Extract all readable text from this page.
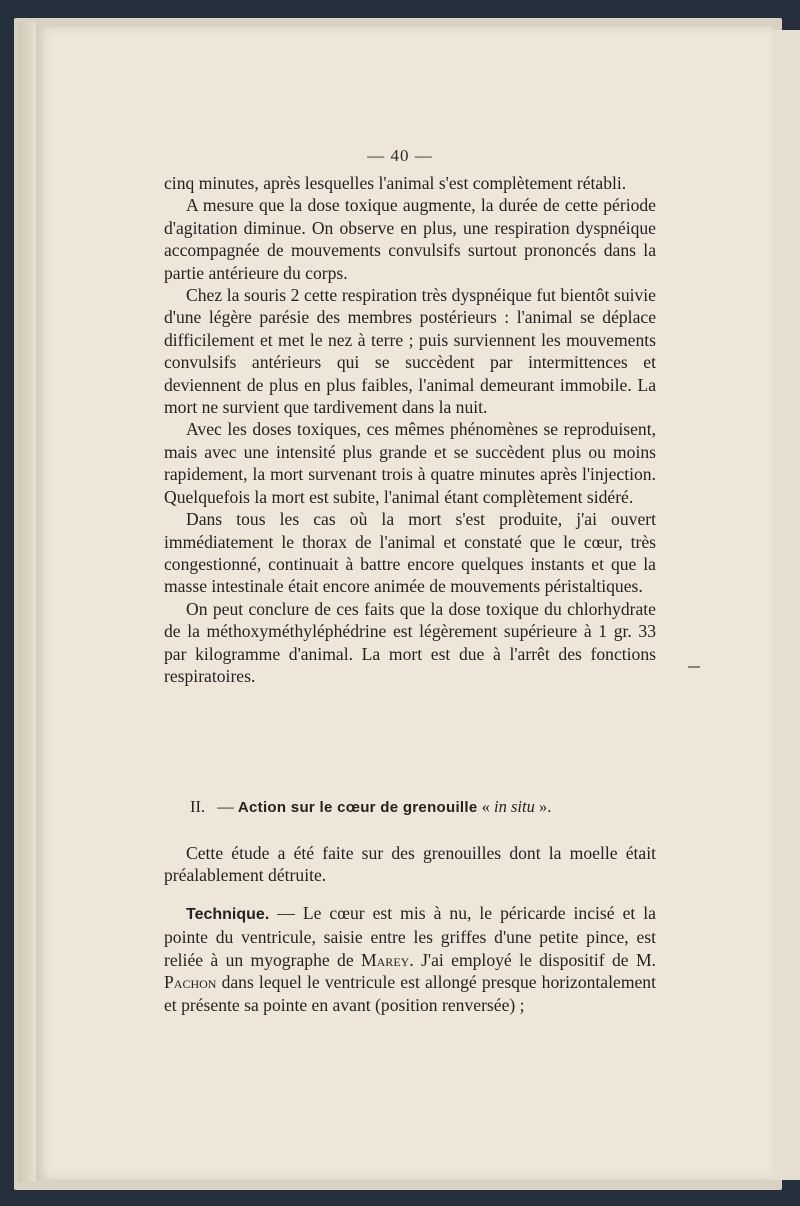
— 40 —

cinq minutes, après lesquelles l'animal s'est complètement rétabli.

A mesure que la dose toxique augmente, la durée de cette période d'agitation diminue. On observe en plus, une respiration dyspnéique accompagnée de mouvements convulsifs surtout prononcés dans la partie antérieure du corps.

Chez la souris 2 cette respiration très dyspnéique fut bientôt suivie d'une légère parésie des membres postérieurs : l'animal se déplace difficilement et met le nez à terre ; puis surviennent les mouvements convulsifs antérieurs qui se succèdent par intermittences et deviennent de plus en plus faibles, l'animal demeurant immobile. La mort ne survient que tardivement dans la nuit.

Avec les doses toxiques, ces mêmes phénomènes se reproduisent, mais avec une intensité plus grande et se succèdent plus ou moins rapidement, la mort survenant trois à quatre minutes après l'injection. Quelquefois la mort est subite, l'animal étant complètement sidéré.

Dans tous les cas où la mort s'est produite, j'ai ouvert immédiatement le thorax de l'animal et constaté que le cœur, très congestionné, continuait à battre encore quelques instants et que la masse intestinale était encore animée de mouvements péristaltiques.

On peut conclure de ces faits que la dose toxique du chlorhydrate de la méthoxyméthyléphédrine est légèrement supérieure à 1 gr. 33 par kilogramme d'animal. La mort est due à l'arrêt des fonctions respiratoires.

II. — Action sur le cœur de grenouille « in situ ».

Cette étude a été faite sur des grenouilles dont la moelle était préalablement détruite.

Technique. — Le cœur est mis à nu, le péricarde incisé et la pointe du ventricule, saisie entre les griffes d'une petite pince, est reliée à un myographe de Marey. J'ai employé le dispositif de M. Pachon dans lequel le ventricule est allongé presque horizontalement et présente sa pointe en avant (position renversée) ;
